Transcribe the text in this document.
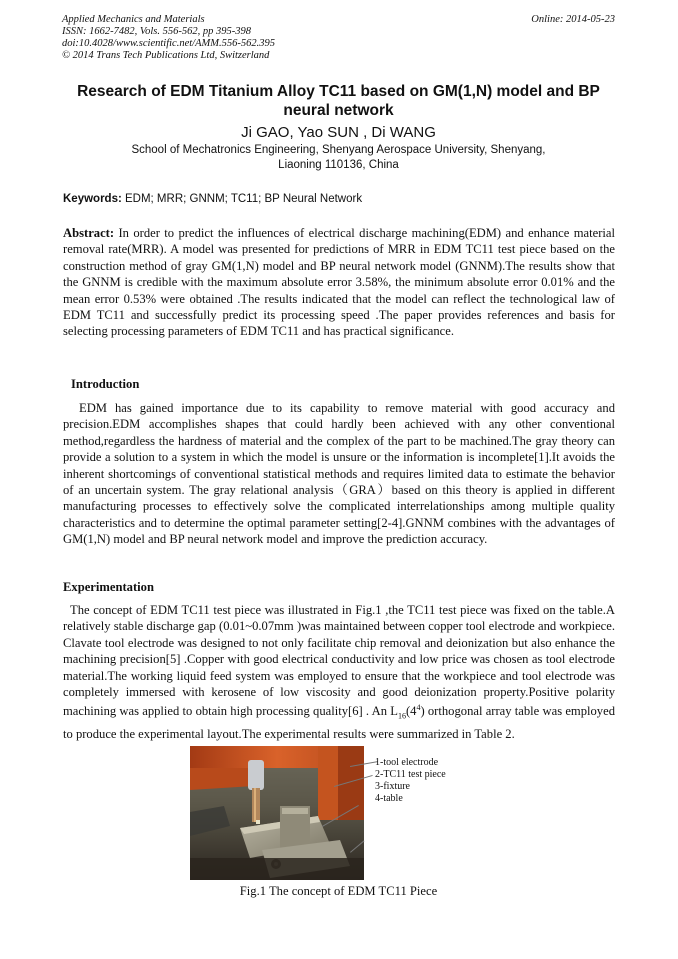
Applied Mechanics and Materials
ISSN: 1662-7482, Vols. 556-562, pp 395-398
doi:10.4028/www.scientific.net/AMM.556-562.395
© 2014 Trans Tech Publications Ltd, Switzerland
Online: 2014-05-23
Research of EDM Titanium Alloy TC11 based on GM(1,N) model and BP
neural network
Ji GAO, Yao SUN , Di WANG
School of Mechatronics Engineering, Shenyang Aerospace University, Shenyang,
Liaoning 110136, China
Keywords: EDM; MRR; GNNM; TC11; BP Neural Network
Abstract: In order to predict the influences of electrical discharge machining(EDM) and enhance material removal rate(MRR). A model was presented for predictions of MRR in EDM TC11 test piece based on the construction method of gray GM(1,N) model and BP neural network model (GNNM).The results show that the GNNM is credible with the maximum absolute error 3.58%, the minimum absolute error 0.01% and the mean error 0.53% were obtained .The results indicated that the model can reflect the technological law of EDM TC11 and successfully predict its processing speed .The paper provides references and basis for selecting processing parameters of EDM TC11 and has practical significance.
Introduction
EDM has gained importance due to its capability to remove material with good accuracy and precision.EDM accomplishes shapes that could hardly been achieved with any other conventional method,regardless the hardness of material and the complex of the part to be machined.The gray theory can provide a solution to a system in which the model is unsure or the information is incomplete[1].It avoids the inherent shortcomings of conventional statistical methods and requires limited data to estimate the behavior of an uncertain system. The gray relational analysis（GRA）based on this theory is applied in different manufacturing processes to effectively solve the complicated interrelationships among multiple quality characteristics and to determine the optimal parameter setting[2-4].GNNM combines with the advantages of GM(1,N) model and BP neural network model and improve the prediction accuracy.
Experimentation
The concept of EDM TC11 test piece was illustrated in Fig.1 ,the TC11 test piece was fixed on the table.A relatively stable discharge gap (0.01~0.07mm )was maintained between copper tool electrode and workpiece. Clavate tool electrode was designed to not only facilitate chip removal and deionization but also enhance the machining precision[5] .Copper with good electrical conductivity and low price was chosen as tool electrode material.The working liquid feed system was employed to ensure that the workpiece and tool electrode was completely immersed with kerosene of low viscosity and good deionization property.Positive polarity machining was applied to obtain high processing quality[6] . An $L_{16}(4^4)$ orthogonal array table was employed to produce the experimental layout.The experimental results were summarized in Table 2.
1-tool electrode
2-TC11 test piece
3-fixture
4-table
Fig.1 The concept of EDM TC11 Piece
